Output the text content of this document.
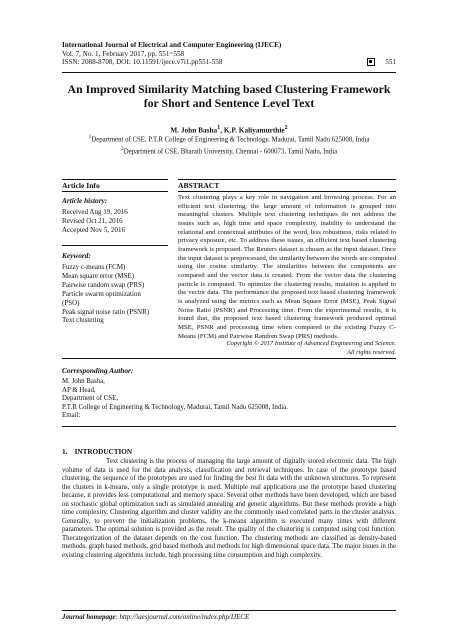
International Journal of Electrical and Computer Engineering (IJECE)
Vol. 7, No. 1, February 2017, pp. 551~558
ISSN: 2088-8708, DOI: 10.11591/ijece.v7i1.pp551-558	551
An Improved Similarity Matching based Clustering Framework for Short and Sentence Level Text
M. John Basha$^1$, K.P. Kaliyamurthie$^2$
$^1$Department of CSE, P.T.R College of Engineering & Technology, Madurai, Tamil Nadu 625008, India
$^2$Department of CSE, Bharath University, Chennai - 600073, Tamil Nadu, India
Article Info	ABSTRACT
Article history:
Received Aug 19, 2016
Revised Oct 21, 2016
Accepted Nov 5, 2016
Keyword:
Fuzzy c-means (FCM)
Mean square error (MSE)
Pairwise random swap (PRS)
Particle swarm optimization
(PSO)
Peak signal noise ratio (PSNR)
Text clustering
Text clustering plays a key role in navigation and browsing process. For an efficient text clustering, the large amount of information is grouped into meaningful clusters. Multiple text clustering techniques do not address the issues such as, high time and space complexity, inability to understand the relational and contextual attributes of the word, less robustness, risks related to privacy exposure, etc. To address these issues, an efficient text based clustering framework is proposed. The Reuters dataset is chosen as the input dataset. Once the input dataset is preprocessed, the similarity between the words are computed using the cosine similarity. The similarities between the components are compared and the vector data is created. From the vector data the clustering particle is computed. To optimize the clustering results, mutation is applied to the vector data. The performance the proposed text based clustering framework is analyzed using the metrics such as Mean Square Error (MSE), Peak Signal Noise Ratio (PSNR) and Processing time. From the experimental results, it is found that, the proposed text based clustering framework produced optimal MSE, PSNR and processing time when compared to the existing Fuzzy C-Means (FCM) and Pairwise Random Swap (PRS) methods.
Copyright © 2017 Institute of Advanced Engineering and Science.
All rights reserved.
Corresponding Author:
M. John Basha,
AP & Head,
Department of CSE,
P.T.R College of Engineering & Technology, Madurai, Tamil Nadu 625008, India.
Email:
1.    INTRODUCTION
Text clustering is the process of managing the large amount of digitally stored electronic data. The high volume of data is used for the data analysis, classification and retrieval techniques. In case of the prototype based clustering, the sequence of the prototypes are used for finding the best fit data with the unknown structures. To represent the clusters in k-means, only a single prototype is used. Multiple real applications use the prototype based clustering because, it provides less computational and memory space. Several other methods have been developed, which are based on stochastic global optimization such as simulated annealing and genetic algorithms. But these methods provide a high time complexity. Clustering algorithm and cluster validity are the commonly used correlated parts in the cluster analysis. Generally, to prevent the initialization problems, the k-means algorithm is executed many times with different parameters. The optimal solution is provided as the result. The quality of the clustering is computed using cost function. Thecategorization of the dataset depends on the cost function. The clustering methods are classified as density-based methods, graph based methods, grid based methods and methods for high dimensional space data. The major issues in the existing clustering algorithms include, high processing time consumption and high complexity.
Journal homepage: http://iaesjournal.com/online/index.php/IJECE
